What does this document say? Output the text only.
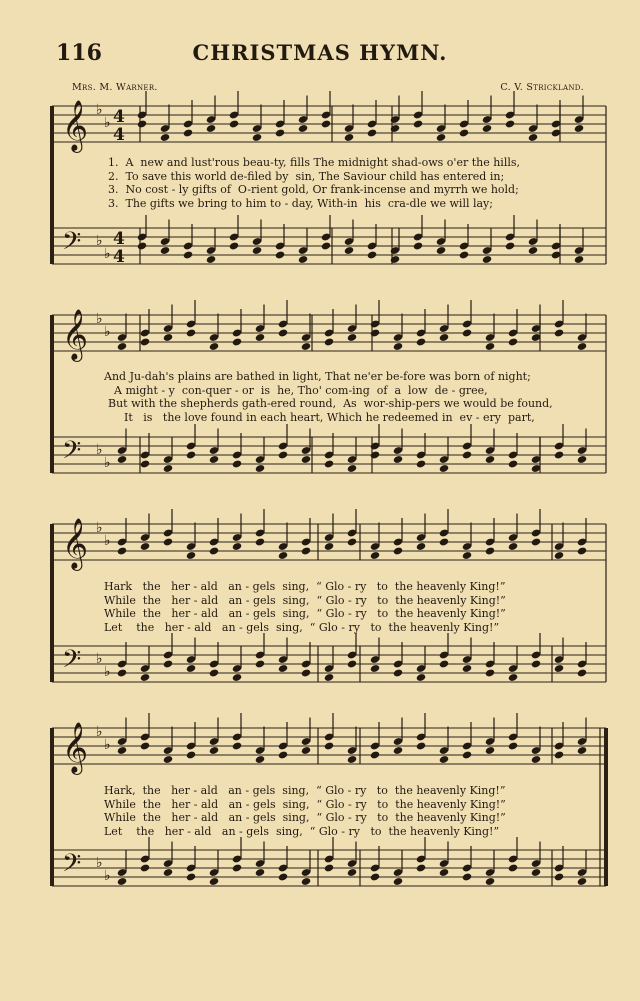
116	CHRISTMAS HYMN.
Mrs. M. Warner.	C. V. Strickland.
𝄞
𝄢
♭
♭
♭
♭
4
4
4
4
𝄞
𝄢
♭
♭
♭
♭
𝄞
𝄢
♭
♭
♭
♭
𝄞
𝄢
♭
♭
♭
♭
1.  A  new and lust'rous beau-ty, fills The midnight shad-ows o'er the hills,
2.  To save this world de-filed by  sin, The Saviour child has entered in;
3.  No cost - ly gifts of  O-rient gold, Or frank-incense and myrrh we hold;
3.  The gifts we bring to him to - day, With-in  his  cra-dle we will lay;
And Ju-dah's plains are bathed in light, That ne'er be-fore was born of night;
A might - y  con-quer - or  is  he, Tho' com-ing  of  a  low  de - gree,
But with the shepherds gath-ered round,  As  wor-ship-pers we would be found,
It   is   the love found in each heart, Which he redeemed in  ev - ery  part,
Hark   the   her - ald   an - gels  sing,  “ Glo - ry   to  the heavenly King!”
While  the   her - ald   an - gels  sing,  “ Glo - ry   to  the heavenly King!”
While  the   her - ald   an - gels  sing,  “ Glo - ry   to  the heavenly King!”
Let    the   her - ald   an - gels  sing,  “ Glo - ry   to  the heavenly King!”
Hark,  the   her - ald   an - gels  sing,  “ Glo - ry   to  the heavenly King!”
While  the   her - ald   an - gels  sing,  “ Glo - ry   to  the heavenly King!”
While  the   her - ald   an - gels  sing,  “ Glo - ry   to  the heavenly King!”
Let    the   her - ald   an - gels  sing,  “ Glo - ry   to  the heavenly King!”
